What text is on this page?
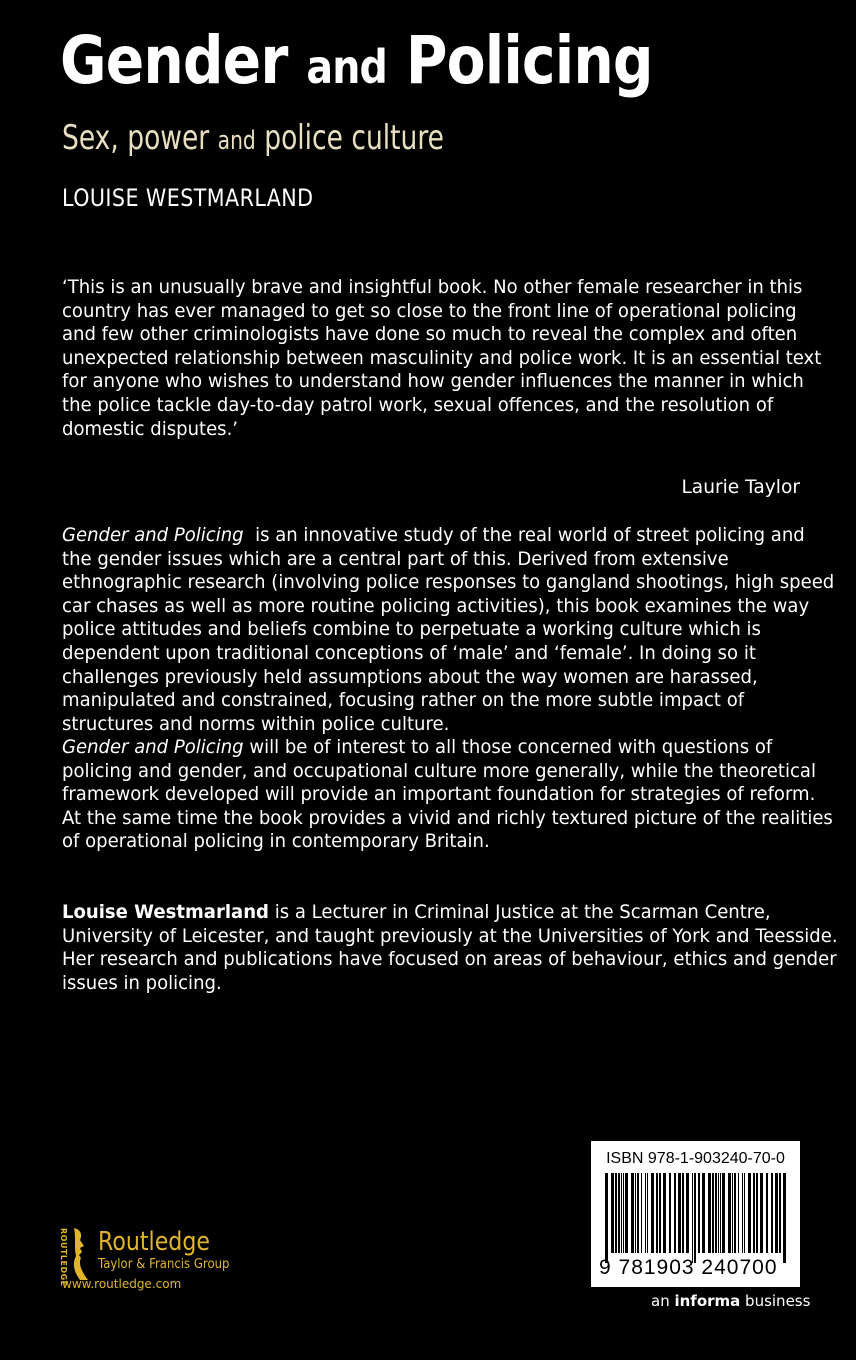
Gender and Policing
Sex, power and police culture
LOUISE WESTMARLAND
‘This is an unusually brave and insightful book. No other female researcher in this
country has ever managed to get so close to the front line of operational policing
and few other criminologists have done so much to reveal the complex and often
unexpected relationship between masculinity and police work. It is an essential text
for anyone who wishes to understand how gender influences the manner in which
the police tackle day-to-day patrol work, sexual offences, and the resolution of
domestic disputes.’
Laurie Taylor
Gender and Policing  is an innovative study of the real world of street policing and
the gender issues which are a central part of this. Derived from extensive
ethnographic research (involving police responses to gangland shootings, high speed
car chases as well as more routine policing activities), this book examines the way
police attitudes and beliefs combine to perpetuate a working culture which is
dependent upon traditional conceptions of ‘male’ and ‘female’. In doing so it
challenges previously held assumptions about the way women are harassed,
manipulated and constrained, focusing rather on the more subtle impact of
structures and norms within police culture.
Gender and Policing will be of interest to all those concerned with questions of
policing and gender, and occupational culture more generally, while the theoretical
framework developed will provide an important foundation for strategies of reform.
At the same time the book provides a vivid and richly textured picture of the realities
of operational policing in contemporary Britain.
Louise Westmarland is a Lecturer in Criminal Justice at the Scarman Centre,
University of Leicester, and taught previously at the Universities of York and Teesside.
Her research and publications have focused on areas of behaviour, ethics and gender
issues in policing.
ROUTLEDGE Routledge
Taylor & Francis Group
www.routledge.com
ISBN 978-1-903240-70-0
9 781903 240700
an informa business
